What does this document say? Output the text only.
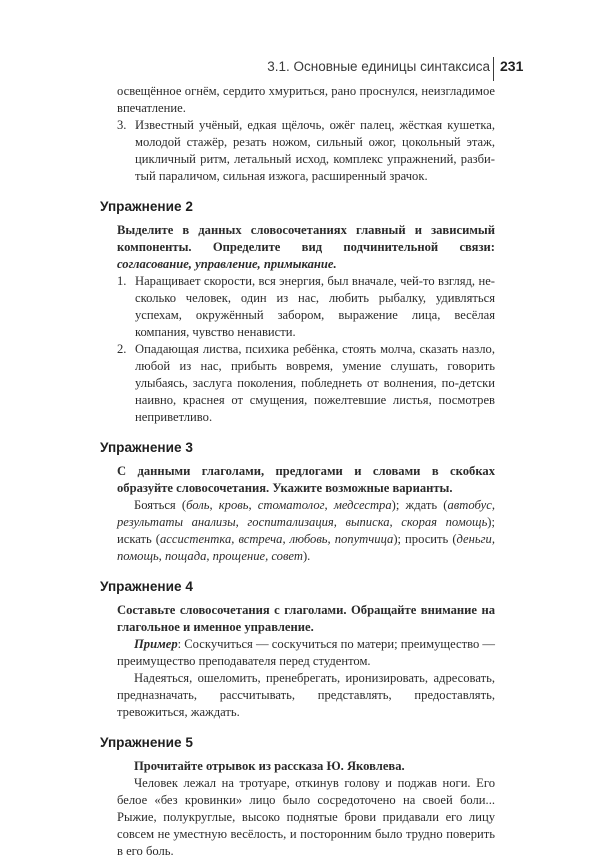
3.1. Основные единицы синтаксиса 231

освещённое огнём, сердито хмуриться, рано проснулся, неизгладимое впечатление.

3. Известный учёный, едкая щёлочь, ожёг палец, жёсткая кушетка, молодой стажёр, резать ножом, сильный ожог, цокольный этаж, цикличный ритм, летальный исход, комплекс упражнений, разбитый параличом, сильная изжога, расширенный зрачок.
Упражнение 2

Выделите в данных словосочетаниях главный и зависимый компоненты. Определите вид подчинительной связи: согласование, управление, примыкание.

1. Наращивает скорости, вся энергия, был вначале, чей-то взгляд, несколько человек, один из нас, любить рыбалку, удивляться успехам, окружённый забором, выражение лица, весёлая компания, чувство ненависти.
2. Опадающая листва, психика ребёнка, стоять молча, сказать назло, любой из нас, прибыть вовремя, умение слушать, говорить улыбаясь, заслуга поколения, побледнеть от волнения, по-детски наивно, краснея от смущения, пожелтевшие листья, посмотрев неприветливо.
Упражнение 3

С данными глаголами, предлогами и словами в скобках образуйте словосочетания. Укажите возможные варианты.

Бояться (боль, кровь, стоматолог, медсестра); ждать (автобус, результаты анализы, госпитализация, выписка, скорая помощь); искать (ассистентка, встреча, любовь, попутчица); просить (деньги, помощь, пощада, прощение, совет).

Упражнение 4

Составьте словосочетания с глаголами. Обращайте внимание на глагольное и именное управление.

Пример: Соскучиться — соскучиться по матери; преимущество — преимущество преподавателя перед студентом.

Надеяться, ошеломить, пренебрегать, иронизировать, адресовать, предназначать, рассчитывать, представлять, предоставлять, тревожиться, жаждать.

Упражнение 5

Прочитайте отрывок из рассказа Ю. Яковлева.

Человек лежал на тротуаре, откинув голову и поджав ноги. Его белое «без кровинки» лицо было сосредоточено на своей боли... Рыжие, полукруглые, высоко поднятые брови придавали его лицу совсем не уместную весёлость, и посторонним было трудно поверить в его боль.
